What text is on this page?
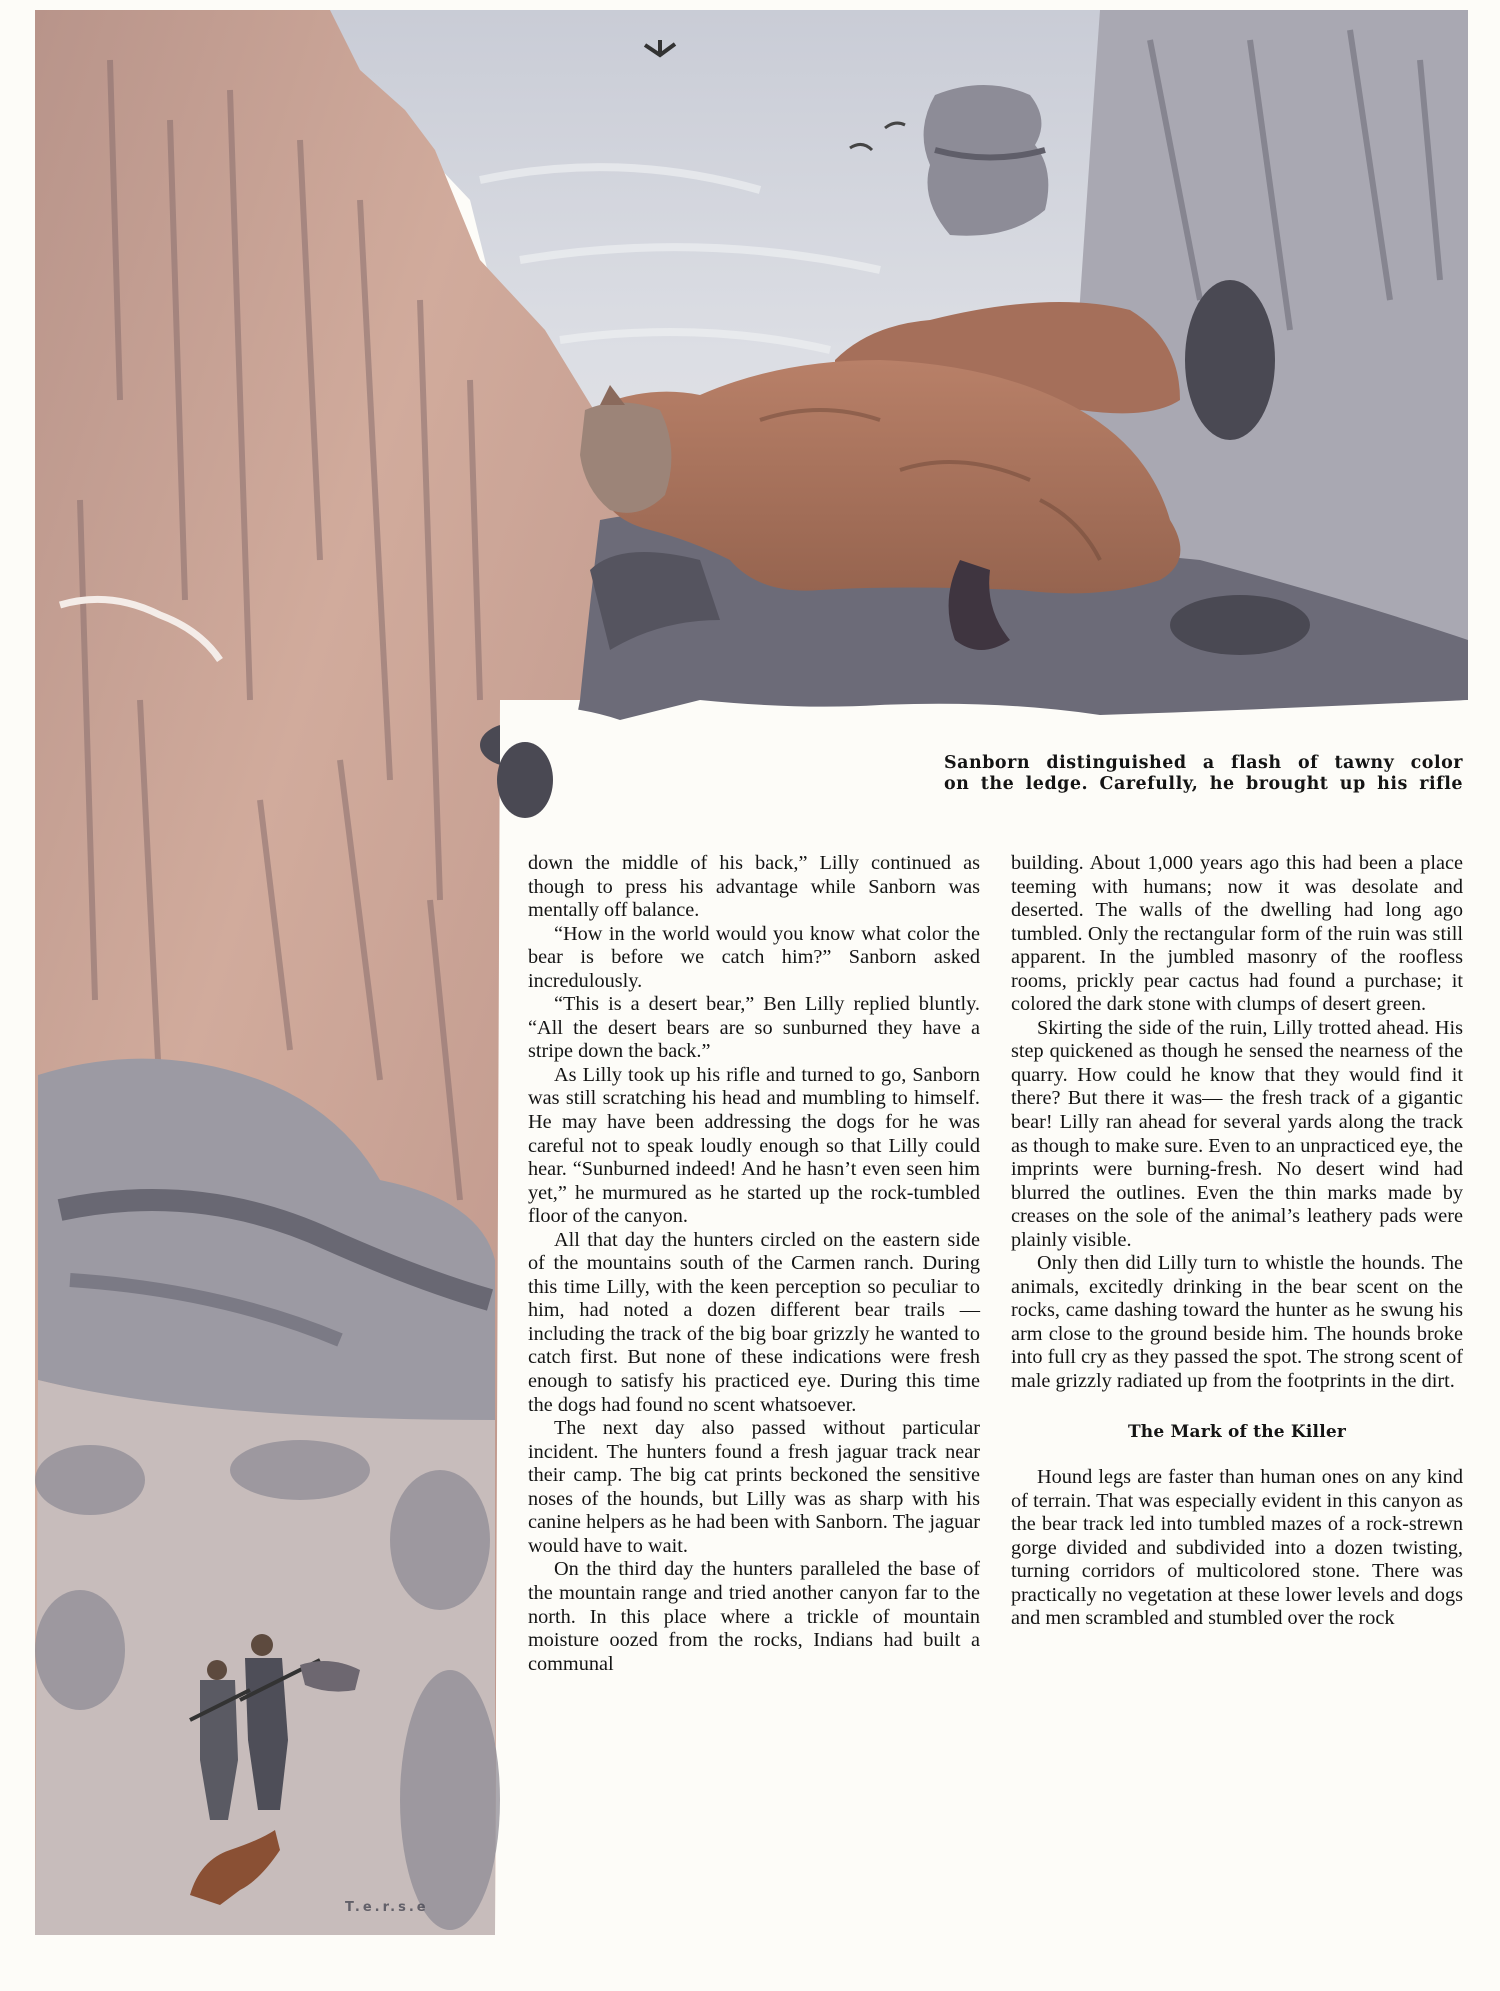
Sanborn distinguished a flash of tawny color
on the ledge. Carefully, he brought up his rifle
T.e.r.s.e

down the middle of his back,” Lilly continued as though to press his advantage while Sanborn was mentally off balance.

“How in the world would you know what color the bear is before we catch him?” Sanborn asked incredulously.

“This is a desert bear,” Ben Lilly replied bluntly. “All the desert bears are so sunburned they have a stripe down the back.”

As Lilly took up his rifle and turned to go, Sanborn was still scratching his head and mumbling to himself. He may have been addressing the dogs for he was careful not to speak loudly enough so that Lilly could hear. “Sunburned indeed! And he hasn’t even seen him yet,” he murmured as he started up the rock-tumbled floor of the canyon.

All that day the hunters circled on the eastern side of the mountains south of the Carmen ranch. During this time Lilly, with the keen perception so peculiar to him, had noted a dozen different bear trails — including the track of the big boar grizzly he wanted to catch first. But none of these indications were fresh enough to satisfy his practiced eye. During this time the dogs had found no scent whatsoever.

The next day also passed without particular incident. The hunters found a fresh jaguar track near their camp. The big cat prints beckoned the sensitive noses of the hounds, but Lilly was as sharp with his canine helpers as he had been with Sanborn. The jaguar would have to wait.

On the third day the hunters paralleled the base of the mountain range and tried another canyon far to the north. In this place where a trickle of mountain moisture oozed from the rocks, Indians had built a communal

building. About 1,000 years ago this had been a place teeming with humans; now it was desolate and deserted. The walls of the dwelling had long ago tumbled. Only the rectangular form of the ruin was still apparent. In the jumbled masonry of the roofless rooms, prickly pear cactus had found a purchase; it colored the dark stone with clumps of desert green.

Skirting the side of the ruin, Lilly trotted ahead. His step quickened as though he sensed the nearness of the quarry. How could he know that they would find it there? But there it was— the fresh track of a gigantic bear! Lilly ran ahead for several yards along the track as though to make sure. Even to an unpracticed eye, the imprints were burning-fresh. No desert wind had blurred the outlines. Even the thin marks made by creases on the sole of the animal’s leathery pads were plainly visible.

Only then did Lilly turn to whistle the hounds. The animals, excitedly drinking in the bear scent on the rocks, came dashing toward the hunter as he swung his arm close to the ground beside him. The hounds broke into full cry as they passed the spot. The strong scent of male grizzly radiated up from the footprints in the dirt.

The Mark of the Killer

Hound legs are faster than human ones on any kind of terrain. That was especially evident in this canyon as the bear track led into tumbled mazes of a rock-strewn gorge divided and subdivided into a dozen twisting, turning corridors of multicolored stone. There was practically no vegetation at these lower levels and dogs and men scrambled and stumbled over the rock
